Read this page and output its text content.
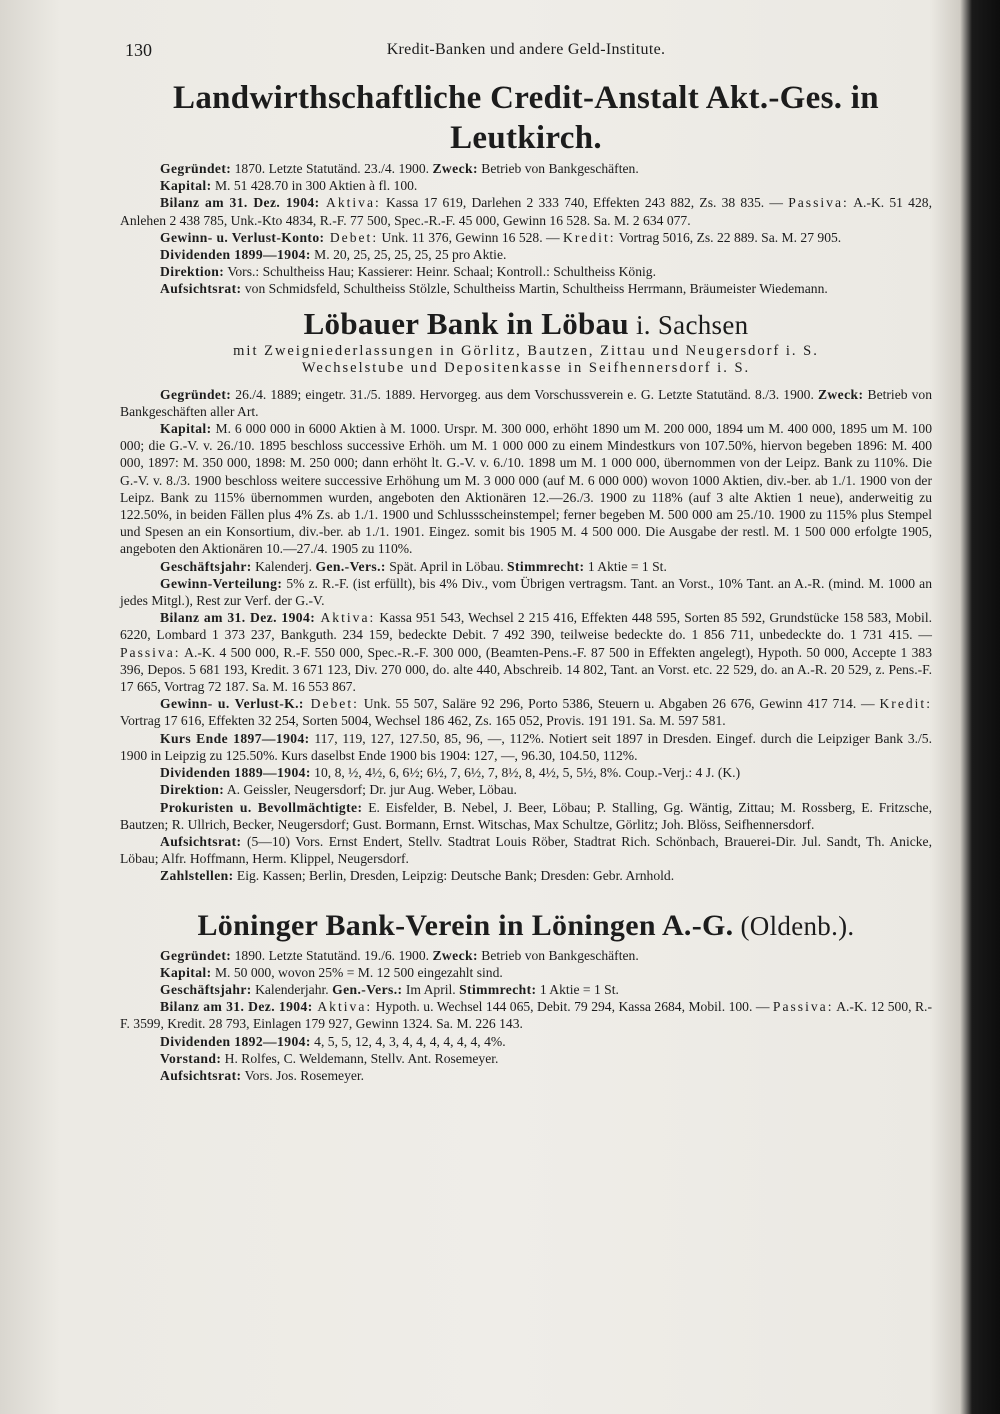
130	Kredit-Banken und andere Geld-Institute.
Landwirthschaftliche Credit-Anstalt Akt.-Ges. in Leutkirch.

Gegründet: 1870. Letzte Statutänd. 23./4. 1900. Zweck: Betrieb von Bankgeschäften.

Kapital: M. 51 428.70 in 300 Aktien à fl. 100.

Bilanz am 31. Dez. 1904: Aktiva: Kassa 17 619, Darlehen 2 333 740, Effekten 243 882, Zs. 38 835. — Passiva: A.-K. 51 428, Anlehen 2 438 785, Unk.-Kto 4834, R.-F. 77 500, Spec.-R.-F. 45 000, Gewinn 16 528. Sa. M. 2 634 077.

Gewinn- u. Verlust-Konto: Debet: Unk. 11 376, Gewinn 16 528. — Kredit: Vortrag 5016, Zs. 22 889. Sa. M. 27 905.

Dividenden 1899—1904: M. 20, 25, 25, 25, 25, 25 pro Aktie.

Direktion: Vors.: Schultheiss Hau; Kassierer: Heinr. Schaal; Kontroll.: Schultheiss König.

Aufsichtsrat: von Schmidsfeld, Schultheiss Stölzle, Schultheiss Martin, Schultheiss Herrmann, Bräumeister Wiedemann.

Löbauer Bank in Löbau i. Sachsen
mit Zweigniederlassungen in Görlitz, Bautzen, Zittau und Neugersdorf i. S.
Wechselstube und Depositenkasse in Seifhennersdorf i. S.

Gegründet: 26./4. 1889; eingetr. 31./5. 1889. Hervorgeg. aus dem Vorschussverein e. G. Letzte Statutänd. 8./3. 1900. Zweck: Betrieb von Bankgeschäften aller Art.

Kapital: M. 6 000 000 in 6000 Aktien à M. 1000. Urspr. M. 300 000, erhöht 1890 um M. 200 000, 1894 um M. 400 000, 1895 um M. 100 000; die G.-V. v. 26./10. 1895 beschloss successive Erhöh. um M. 1 000 000 zu einem Mindestkurs von 107.50%, hiervon begeben 1896: M. 400 000, 1897: M. 350 000, 1898: M. 250 000; dann erhöht lt. G.-V. v. 6./10. 1898 um M. 1 000 000, übernommen von der Leipz. Bank zu 110%. Die G.-V. v. 8./3. 1900 beschloss weitere successive Erhöhung um M. 3 000 000 (auf M. 6 000 000) wovon 1000 Aktien, div.-ber. ab 1./1. 1900 von der Leipz. Bank zu 115% übernommen wurden, angeboten den Aktionären 12.—26./3. 1900 zu 118% (auf 3 alte Aktien 1 neue), anderweitig zu 122.50%, in beiden Fällen plus 4% Zs. ab 1./1. 1900 und Schlussscheinstempel; ferner begeben M. 500 000 am 25./10. 1900 zu 115% plus Stempel und Spesen an ein Konsortium, div.-ber. ab 1./1. 1901. Eingez. somit bis 1905 M. 4 500 000. Die Ausgabe der restl. M. 1 500 000 erfolgte 1905, angeboten den Aktionären 10.—27./4. 1905 zu 110%.

Geschäftsjahr: Kalenderj. Gen.-Vers.: Spät. April in Löbau. Stimmrecht: 1 Aktie = 1 St.

Gewinn-Verteilung: 5% z. R.-F. (ist erfüllt), bis 4% Div., vom Übrigen vertragsm. Tant. an Vorst., 10% Tant. an A.-R. (mind. M. 1000 an jedes Mitgl.), Rest zur Verf. der G.-V.

Bilanz am 31. Dez. 1904: Aktiva: Kassa 951 543, Wechsel 2 215 416, Effekten 448 595, Sorten 85 592, Grundstücke 158 583, Mobil. 6220, Lombard 1 373 237, Bankguth. 234 159, bedeckte Debit. 7 492 390, teilweise bedeckte do. 1 856 711, unbedeckte do. 1 731 415. — Passiva: A.-K. 4 500 000, R.-F. 550 000, Spec.-R.-F. 300 000, (Beamten-Pens.-F. 87 500 in Effekten angelegt), Hypoth. 50 000, Accepte 1 383 396, Depos. 5 681 193, Kredit. 3 671 123, Div. 270 000, do. alte 440, Abschreib. 14 802, Tant. an Vorst. etc. 22 529, do. an A.-R. 20 529, z. Pens.-F. 17 665, Vortrag 72 187. Sa. M. 16 553 867.

Gewinn- u. Verlust-K.: Debet: Unk. 55 507, Saläre 92 296, Porto 5386, Steuern u. Abgaben 26 676, Gewinn 417 714. — Kredit: Vortrag 17 616, Effekten 32 254, Sorten 5004, Wechsel 186 462, Zs. 165 052, Provis. 191 191. Sa. M. 597 581.

Kurs Ende 1897—1904: 117, 119, 127, 127.50, 85, 96, —, 112%. Notiert seit 1897 in Dresden. Eingef. durch die Leipziger Bank 3./5. 1900 in Leipzig zu 125.50%. Kurs daselbst Ende 1900 bis 1904: 127, —, 96.30, 104.50, 112%.

Dividenden 1889—1904: 10, 8, ½, 4½, 6, 6½; 6½, 7, 6½, 7, 8½, 8, 4½, 5, 5½, 8%. Coup.-Verj.: 4 J. (K.)

Direktion: A. Geissler, Neugersdorf; Dr. jur Aug. Weber, Löbau.

Prokuristen u. Bevollmächtigte: E. Eisfelder, B. Nebel, J. Beer, Löbau; P. Stalling, Gg. Wäntig, Zittau; M. Rossberg, E. Fritzsche, Bautzen; R. Ullrich, Becker, Neugersdorf; Gust. Bormann, Ernst. Witschas, Max Schultze, Görlitz; Joh. Blöss, Seifhennersdorf.

Aufsichtsrat: (5—10) Vors. Ernst Endert, Stellv. Stadtrat Louis Röber, Stadtrat Rich. Schönbach, Brauerei-Dir. Jul. Sandt, Th. Anicke, Löbau; Alfr. Hoffmann, Herm. Klippel, Neugersdorf.

Zahlstellen: Eig. Kassen; Berlin, Dresden, Leipzig: Deutsche Bank; Dresden: Gebr. Arnhold.

Löninger Bank-Verein in Löningen A.-G. (Oldenb.).

Gegründet: 1890. Letzte Statutänd. 19./6. 1900. Zweck: Betrieb von Bankgeschäften.

Kapital: M. 50 000, wovon 25% = M. 12 500 eingezahlt sind.

Geschäftsjahr: Kalenderjahr. Gen.-Vers.: Im April. Stimmrecht: 1 Aktie = 1 St.

Bilanz am 31. Dez. 1904: Aktiva: Hypoth. u. Wechsel 144 065, Debit. 79 294, Kassa 2684, Mobil. 100. — Passiva: A.-K. 12 500, R.-F. 3599, Kredit. 28 793, Einlagen 179 927, Gewinn 1324. Sa. M. 226 143.

Dividenden 1892—1904: 4, 5, 5, 12, 4, 3, 4, 4, 4, 4, 4, 4, 4%.

Vorstand: H. Rolfes, C. Weldemann, Stellv. Ant. Rosemeyer.

Aufsichtsrat: Vors. Jos. Rosemeyer.
